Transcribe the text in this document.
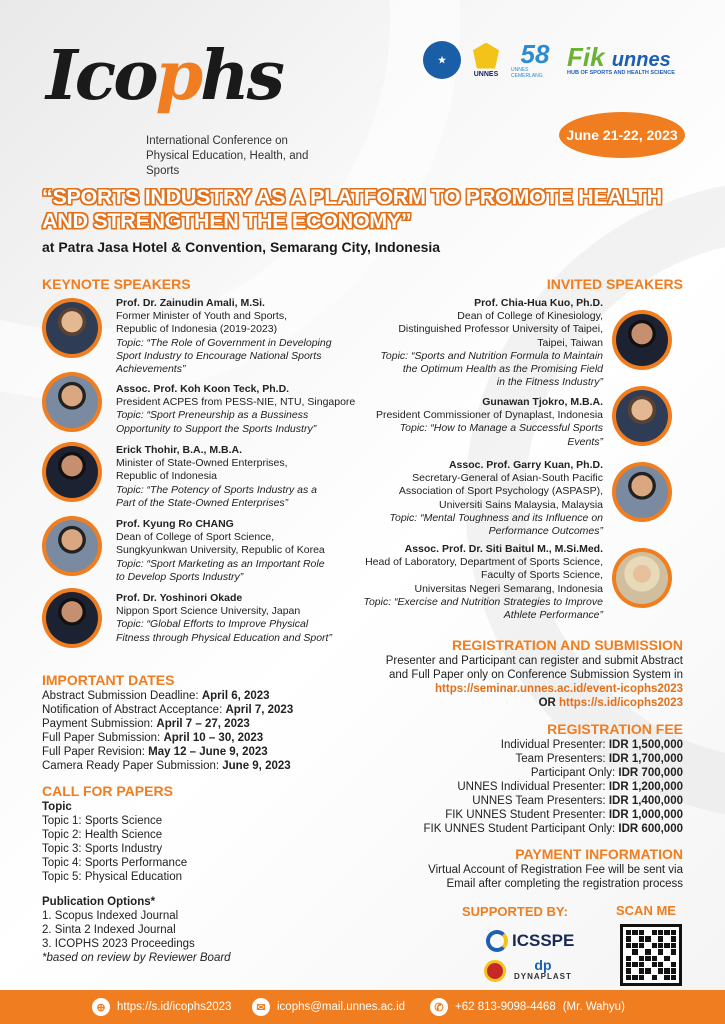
Icophs
International Conference on Physical Education, Health, and Sports
★
UNNES
58
UNNES CEMERLANG
Fik unnes
HUB OF SPORTS AND HEALTH SCIENCE
June 21-22, 2023
“SPORTS INDUSTRY AS A PLATFORM TO PROMOTE HEALTH AND STRENGTHEN THE ECONOMY”
at Patra Jasa Hotel & Convention, Semarang City, Indonesia
KEYNOTE SPEAKERS
Prof. Dr. Zainudin Amali, M.Si.
Former Minister of Youth and Sports,
Republic of Indonesia (2019-2023)
Topic: “The Role of Government in Developing
Sport Industry to Encourage National Sports
Achievements”
Assoc. Prof. Koh Koon Teck, Ph.D.
President ACPES from PESS-NIE, NTU, Singapore
Topic: “Sport Preneurship as a Bussiness
Opportunity to Support the Sports Industry”
Erick Thohir, B.A., M.B.A.
Minister of State-Owned Enterprises,
Republic of Indonesia
Topic: “The Potency of Sports Industry as a
Part of the State-Owned Enterprises”
Prof. Kyung Ro CHANG
Dean of College of Sport Science,
Sungkyunkwan University, Republic of Korea
Topic: “Sport Marketing as an Important Role
to Develop Sports Industry”
Prof. Dr. Yoshinori Okade
Nippon Sport Science University, Japan
Topic: “Global Efforts to Improve Physical
Fitness through Physical Education and Sport”
INVITED SPEAKERS
Prof. Chia-Hua Kuo, Ph.D.
Dean of College of Kinesiology,
Distinguished Professor University of Taipei,
Taipei, Taiwan
Topic: “Sports and Nutrition Formula to Maintain
the Optimum Health as the Promising Field
in the Fitness Industry”
Gunawan Tjokro, M.B.A.
President Commissioner of Dynaplast, Indonesia
Topic: “How to Manage a Successful Sports
Events”
Assoc. Prof. Garry Kuan, Ph.D.
Secretary-General of Asian-South Pacific
Association of Sport Psychology (ASPASP),
Universiti Sains Malaysia, Malaysia
Topic: “Mental Toughness and its Influence on
Performance Outcomes”
Assoc. Prof. Dr. Siti Baitul M., M.Si.Med.
Head of Laboratory, Department of Sports Science,
Faculty of Sports Science,
Universitas Negeri Semarang, Indonesia
Topic: “Exercise and Nutrition Strategies to Improve
Athlete Performance”
IMPORTANT DATES
Abstract Submission Deadline: April 6, 2023
Notification of Abstract Acceptance: April 7, 2023
Payment Submission: April 7 – 27, 2023
Full Paper Submission: April 10 – 30, 2023
Full Paper Revision: May 12 – June 9, 2023
Camera Ready Paper Submission: June 9, 2023
CALL FOR PAPERS
Topic
Topic 1: Sports Science
Topic 2: Health Science
Topic 3: Sports Industry
Topic 4: Sports Performance
Topic 5: Physical Education
Publication Options*
1. Scopus Indexed Journal
2. Sinta 2 Indexed Journal
3. ICOPHS 2023 Proceedings
*based on review by Reviewer Board
REGISTRATION AND SUBMISSION
Presenter and Participant can register and submit Abstract
and Full Paper only on Conference Submission System in
https://seminar.unnes.ac.id/event-icophs2023
OR https://s.id/icophs2023
REGISTRATION FEE
Individual Presenter: IDR 1,500,000
Team Presenters: IDR 1,700,000
Participant Only: IDR 700,000
UNNES Individual Presenter: IDR 1,200,000
UNNES Team Presenters: IDR 1,400,000
FIK UNNES Student Presenter: IDR 1,000,000
FIK UNNES Student Participant Only: IDR 600,000
PAYMENT INFORMATION
Virtual Account of Registration Fee will be sent via
Email after completing the registration process
SUPPORTED BY:	SCAN ME
ICSSPE
dp
DYNAPLAST
⊕ https://s.id/icophs2023	✉ icophs@mail.unnes.ac.id	✆ +62 813-9098-4468 (Mr. Wahyu)
